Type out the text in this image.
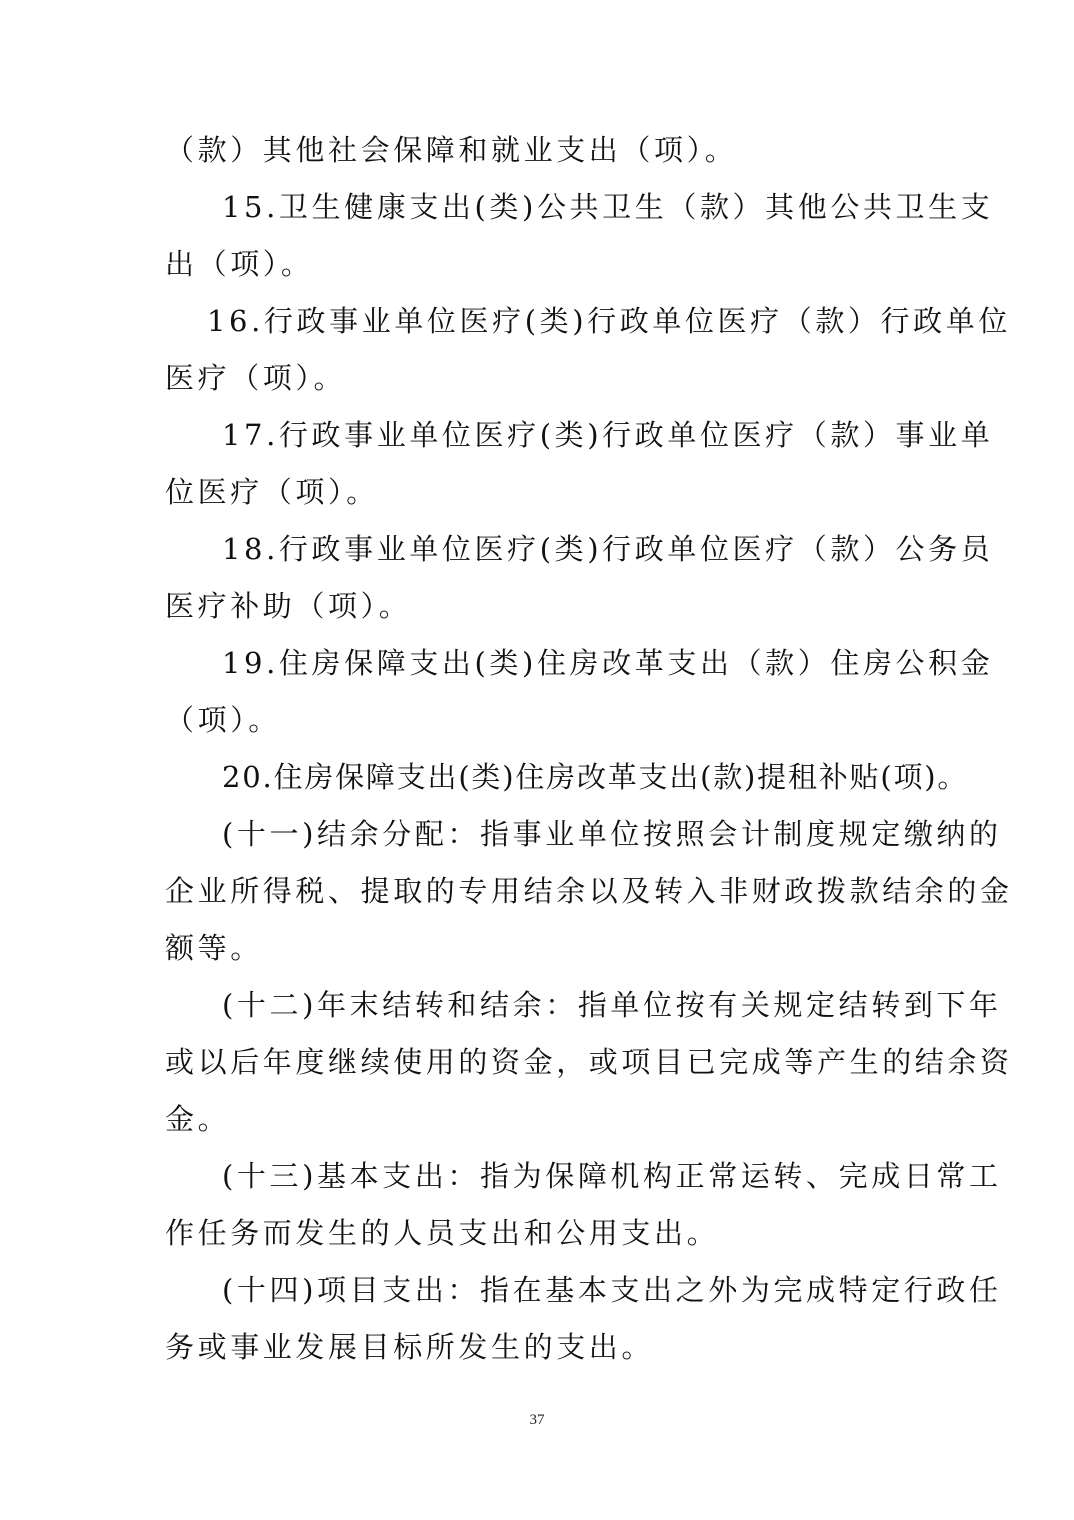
（款）其他社会保障和就业支出（项）。
15.卫生健康支出(类)公共卫生（款）其他公共卫生支
出（项）。
16.行政事业单位医疗(类)行政单位医疗（款）行政单位
医疗（项）。
17.行政事业单位医疗(类)行政单位医疗（款）事业单
位医疗（项）。
18.行政事业单位医疗(类)行政单位医疗（款）公务员
医疗补助（项）。
19.住房保障支出(类)住房改革支出（款）住房公积金
（项）。
20.住房保障支出(类)住房改革支出(款)提租补贴(项)。
(十一)结余分配：指事业单位按照会计制度规定缴纳的
企业所得税、提取的专用结余以及转入非财政拨款结余的金
额等。
(十二)年末结转和结余：指单位按有关规定结转到下年
或以后年度继续使用的资金，或项目已完成等产生的结余资
金。
(十三)基本支出：指为保障机构正常运转、完成日常工
作任务而发生的人员支出和公用支出。
(十四)项目支出：指在基本支出之外为完成特定行政任
务或事业发展目标所发生的支出。
37
